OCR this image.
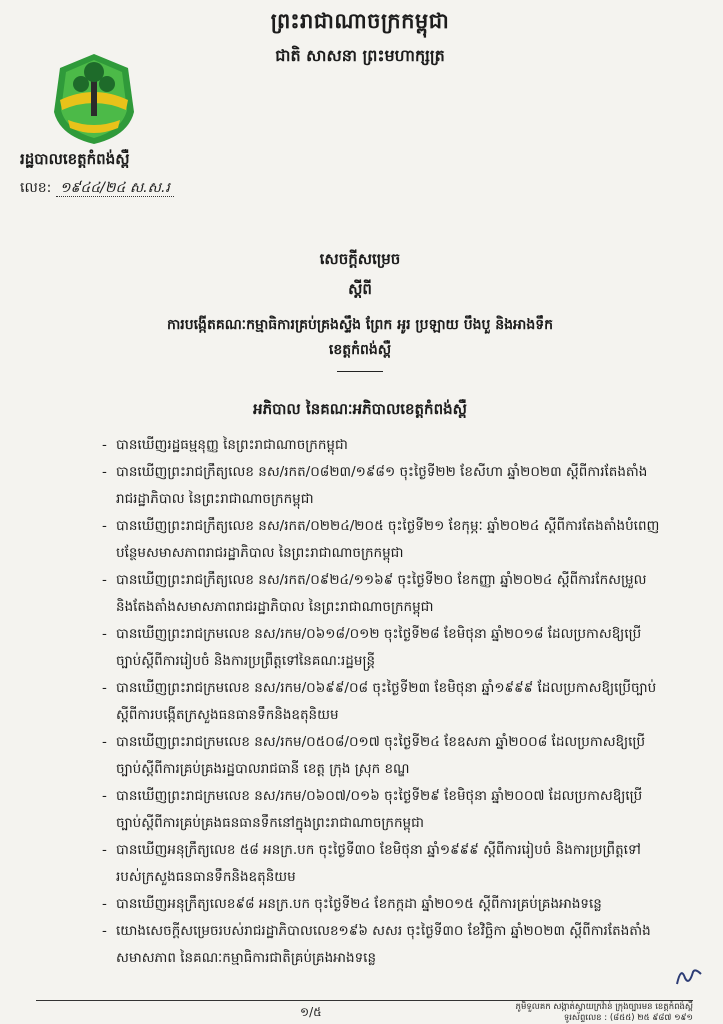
ព្រះរាជាណាចក្រកម្ពុជា
ជាតិ សាសនា ព្រះមហាក្សត្រ
រដ្ឋបាលខេត្តកំពង់ស្ពឺ
លេខ: ១៩៤៤/២៤ ស.ស.រ
សេចក្តីសម្រេច
ស្តីពី
ការបង្កើតគណៈកម្មាធិការគ្រប់គ្រងស្ទឹង ព្រែក អូរ ប្រឡាយ បឹងបួ និងអាងទឹក
ខេត្តកំពង់ស្ពឺ
អភិបាល នៃគណៈអភិបាលខេត្តកំពង់ស្ពឺ
- បានឃើញរដ្ឋធម្មនុញ្ញ នៃព្រះរាជាណាចក្រកម្ពុជា
- បានឃើញព្រះរាជក្រឹត្យលេខ នស/រកត/០៨២៣/១៩៨១ ចុះថ្ងៃទី២២ ខែសីហា ឆ្នាំ២០២៣ ស្តីពីការតែងតាំងរាជរដ្ឋាភិបាល នៃព្រះរាជាណាចក្រកម្ពុជា
- បានឃើញព្រះរាជក្រឹត្យលេខ នស/រកត/០២២៤/២០៥ ចុះថ្ងៃទី២១ ខែកុម្ភៈ ឆ្នាំ២០២៤ ស្តីពីការតែងតាំងបំពេញបន្ថែមសមាសភាពរាជរដ្ឋាភិបាល នៃព្រះរាជាណាចក្រកម្ពុជា
- បានឃើញព្រះរាជក្រឹត្យលេខ នស/រកត/០៩២៤/១១៦៩ ចុះថ្ងៃទី២០ ខែកញ្ញា ឆ្នាំ២០២៤ ស្តីពីការកែសម្រួលនិងតែងតាំងសមាសភាពរាជរដ្ឋាភិបាល នៃព្រះរាជាណាចក្រកម្ពុជា
- បានឃើញព្រះរាជក្រមលេខ នស/រកម/០៦១៨/០១២ ចុះថ្ងៃទី២៨ ខែមិថុនា ឆ្នាំ២០១៨ ដែលប្រកាសឱ្យប្រើច្បាប់ស្តីពីការរៀបចំ និងការប្រព្រឹត្តទៅនៃគណៈរដ្ឋមន្ត្រី
- បានឃើញព្រះរាជក្រមលេខ នស/រកម/០៦៩៩/០៨ ចុះថ្ងៃទី២៣ ខែមិថុនា ឆ្នាំ១៩៩៩ ដែលប្រកាសឱ្យប្រើច្បាប់ស្តីពីការបង្កើតក្រសួងធនធានទឹកនិងឧតុនិយម
- បានឃើញព្រះរាជក្រមលេខ នស/រកម/០៥០៨/០១៧ ចុះថ្ងៃទី២៤ ខែឧសភា ឆ្នាំ២០០៨ ដែលប្រកាសឱ្យប្រើច្បាប់ស្តីពីការគ្រប់គ្រងរដ្ឋបាលរាជធានី ខេត្ត ក្រុង ស្រុក ខណ្ឌ
- បានឃើញព្រះរាជក្រមលេខ នស/រកម/០៦០៧/០១៦ ចុះថ្ងៃទី២៩ ខែមិថុនា ឆ្នាំ២០០៧ ដែលប្រកាសឱ្យប្រើច្បាប់ស្តីពីការគ្រប់គ្រងធនធានទឹកនៅក្នុងព្រះរាជាណាចក្រកម្ពុជា
- បានឃើញអនុក្រឹត្យលេខ ៥៨ អនក្រ.បក ចុះថ្ងៃទី៣០ ខែមិថុនា ឆ្នាំ១៩៩៩ ស្តីពីការរៀបចំ និងការប្រព្រឹត្តទៅរបស់ក្រសួងធនធានទឹកនិងឧតុនិយម
- បានឃើញអនុក្រឹត្យលេខ៩៨ អនក្រ.បក ចុះថ្ងៃទី២៤ ខែកក្កដា ឆ្នាំ២០១៥ ស្តីពីការគ្រប់គ្រងអាងទន្លេ
- យោងសេចក្តីសម្រេចរបស់រាជរដ្ឋាភិបាលលេខ១៩៦ សសរ ចុះថ្ងៃទី៣០ ខែវិច្ឆិកា ឆ្នាំ២០២៣ ស្តីពីការតែងតាំងសមាសភាព នៃគណៈកម្មាធិការជាតិគ្រប់គ្រងអាងទន្លេ
១/៥	ភូមិទួលគក សង្កាត់ស្វាយក្រវ៉ាន់ ក្រុងច្បារមន ខេត្តកំពង់ស្ពឺ
ទូរស័ព្ទលេខ : (៨៥៥) ២៥ ៩៨៧ ១៩១
